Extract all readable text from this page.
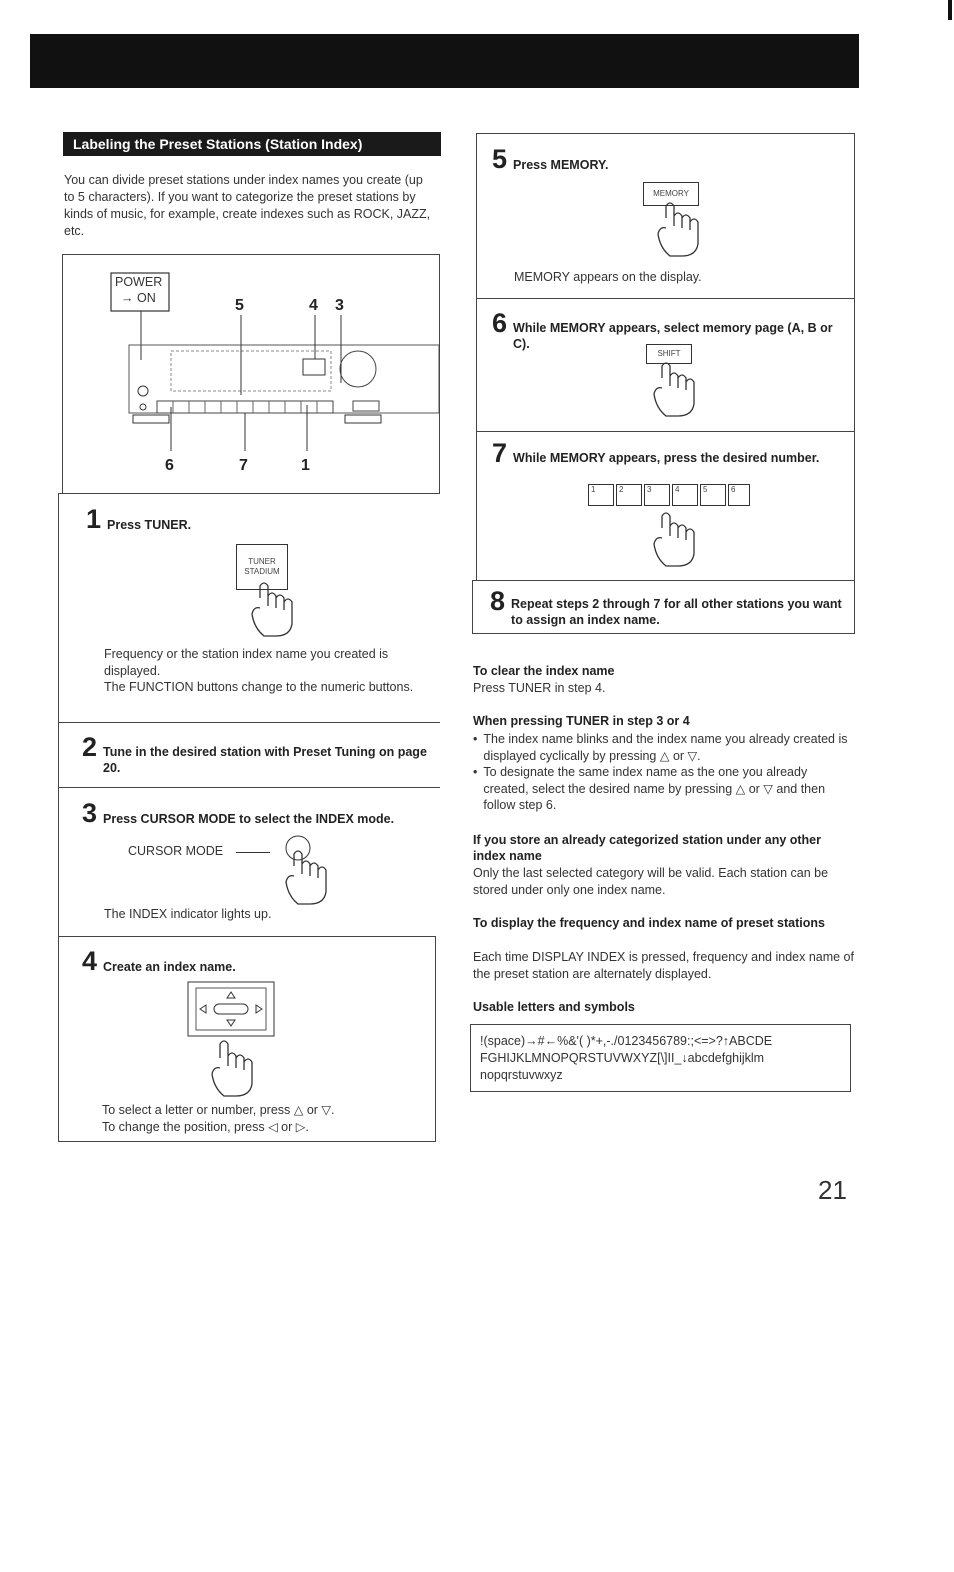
Labeling the Preset Stations (Station Index)
You can divide preset stations under index names you create (up to 5 characters). If you want to categorize the preset stations by kinds of music, for example, create indexes such as ROCK, JAZZ, etc.
POWER
→ ON	5	4 3
6	7	1
1 Press TUNER.
TUNER STADIUM
Frequency or the station index name you created is displayed.
The FUNCTION buttons change to the numeric buttons.
2 Tune in the desired station with Preset Tuning on page 20.
3 Press CURSOR MODE to select the INDEX mode.
CURSOR MODE
The INDEX indicator lights up.
4 Create an index name.
To select a letter or number, press △ or ▽.
To change the position, press ◁ or ▷.
5 Press MEMORY.
MEMORY
MEMORY appears on the display.
6 While MEMORY appears, select memory page (A, B or C).
SHIFT
7 While MEMORY appears, press the desired number.
1	2	3	4	5	6
8 Repeat steps 2 through 7 for all other stations you want to assign an index name.
To clear the index name
Press TUNER in step 4.
When pressing TUNER in step 3 or 4
• The index name blinks and the index name you already created is displayed cyclically by pressing △ or ▽.
• To designate the same index name as the one you already created, select the desired name by pressing △ or ▽ and then follow step 6.
If you store an already categorized station under any other index name
Only the last selected category will be valid. Each station can be stored under only one index name.
To display the frequency and index name of preset stations
Each time DISPLAY INDEX is pressed, frequency and index name of the preset station are alternately displayed.
Usable letters and symbols
!(space)→#←%&'( )*+,-./0123456789:;<=>?↑ABCDE
FGHIJKLMNOPQRSTUVWXYZ[\]II_↓abcdefghijklm
nopqrstuvwxyz
21
